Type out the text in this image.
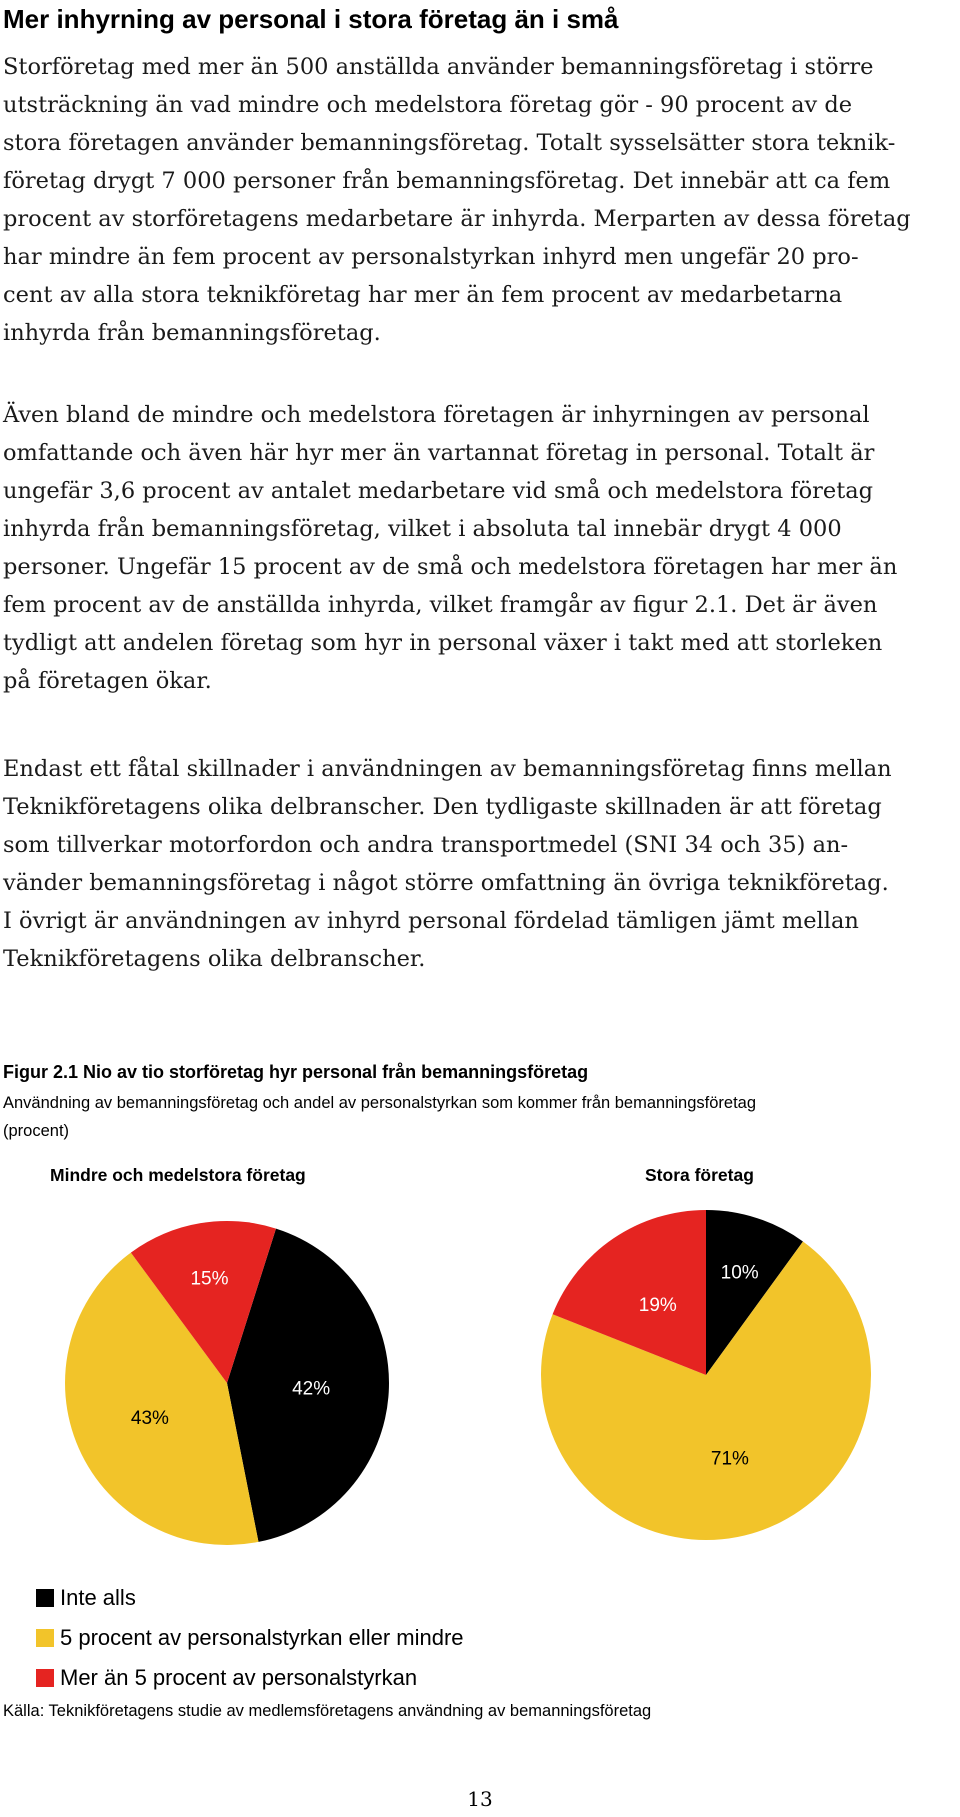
Mer inhyrning av personal i stora företag än i små

Storföretag med mer än 500 anställda använder bemanningsföretag i större
utsträckning än vad mindre och medelstora företag gör - 90 procent av de
stora företagen använder bemanningsföretag. Totalt sysselsätter stora teknik-
företag drygt 7 000 personer från bemanningsföretag. Det innebär att ca fem
procent av storföretagens medarbetare är inhyrda. Merparten av dessa företag
har mindre än fem procent av personalstyrkan inhyrd men ungefär 20 pro-
cent av alla stora teknikföretag har mer än fem procent av medarbetarna
inhyrda från bemanningsföretag.

Även bland de mindre och medelstora företagen är inhyrningen av personal
omfattande och även här hyr mer än vartannat företag in personal. Totalt är
ungefär 3,6 procent av antalet medarbetare vid små och medelstora företag
inhyrda från bemanningsföretag, vilket i absoluta tal innebär drygt 4 000
personer. Ungefär 15 procent av de små och medelstora företagen har mer än
fem procent av de anställda inhyrda, vilket framgår av figur 2.1. Det är även
tydligt att andelen företag som hyr in personal växer i takt med att storleken
på företagen ökar.

Endast ett fåtal skillnader i användningen av bemanningsföretag finns mellan
Teknikföretagens olika delbranscher. Den tydligaste skillnaden är att företag
som tillverkar motorfordon och andra transportmedel (SNI 34 och 35) an-
vänder bemanningsföretag i något större omfattning än övriga teknikföretag.
I övrigt är användningen av inhyrd personal fördelad tämligen jämt mellan
Teknikföretagens olika delbranscher.

Figur 2.1 Nio av tio storföretag hyr personal från bemanningsföretag
Användning av bemanningsföretag och andel av personalstyrkan som kommer från bemanningsföretag
(procent)
Mindre och medelstora företag	Stora företag
42%
43%
15%	10%
71%
19%
Inte alls
5 procent av personalstyrkan eller mindre
Mer än 5 procent av personalstyrkan
Källa: Teknikföretagens studie av medlemsföretagens användning av bemanningsföretag
13
